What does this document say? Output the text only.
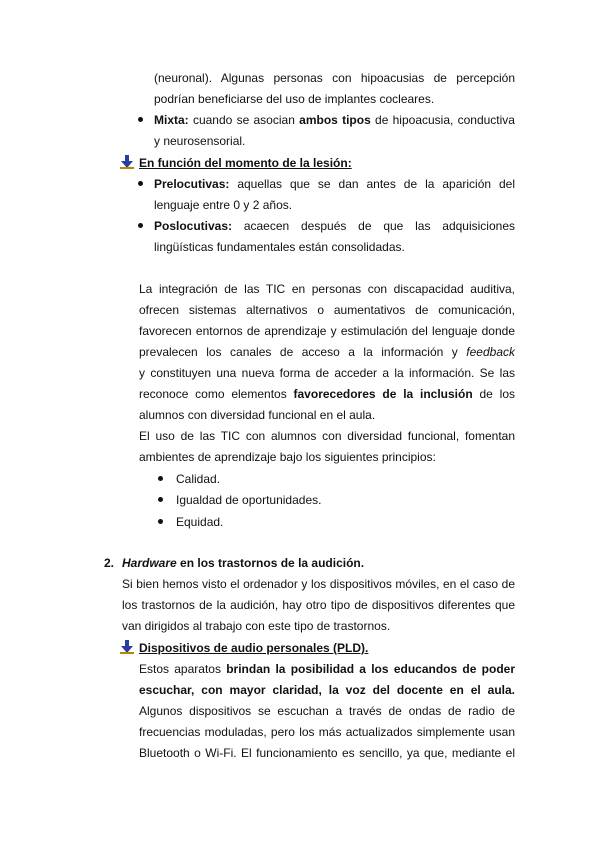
(neuronal). Algunas personas con hipoacusias de percepción
podrían beneficiarse del uso de implantes cocleares.
Mixta: cuando se asocian ambos tipos de hipoacusia, conductiva
y neurosensorial.
En función del momento de la lesión:
Prelocutivas: aquellas que se dan antes de la aparición del
lenguaje entre 0 y 2 años.
Poslocutivas: acaecen después de que las adquisiciones
lingüísticas fundamentales están consolidadas.
La integración de las TIC en personas con discapacidad auditiva,
ofrecen sistemas alternativos o aumentativos de comunicación,
favorecen entornos de aprendizaje y estimulación del lenguaje donde
prevalecen los canales de acceso a la información y feedback
y constituyen una nueva forma de acceder a la información. Se las
reconoce como elementos favorecedores de la inclusión de los
alumnos con diversidad funcional en el aula.
El uso de las TIC con alumnos con diversidad funcional, fomentan
ambientes de aprendizaje bajo los siguientes principios:
Calidad.
Igualdad de oportunidades.
Equidad.
2. Hardware en los trastornos de la audición.
Si bien hemos visto el ordenador y los dispositivos móviles, en el caso de
los trastornos de la audición, hay otro tipo de dispositivos diferentes que
van dirigidos al trabajo con este tipo de trastornos.
Dispositivos de audio personales (PLD).
Estos aparatos brindan la posibilidad a los educandos de poder
escuchar, con mayor claridad, la voz del docente en el aula.
Algunos dispositivos se escuchan a través de ondas de radio de
frecuencias moduladas, pero los más actualizados simplemente usan
Bluetooth o Wi-Fi. El funcionamiento es sencillo, ya que, mediante el
